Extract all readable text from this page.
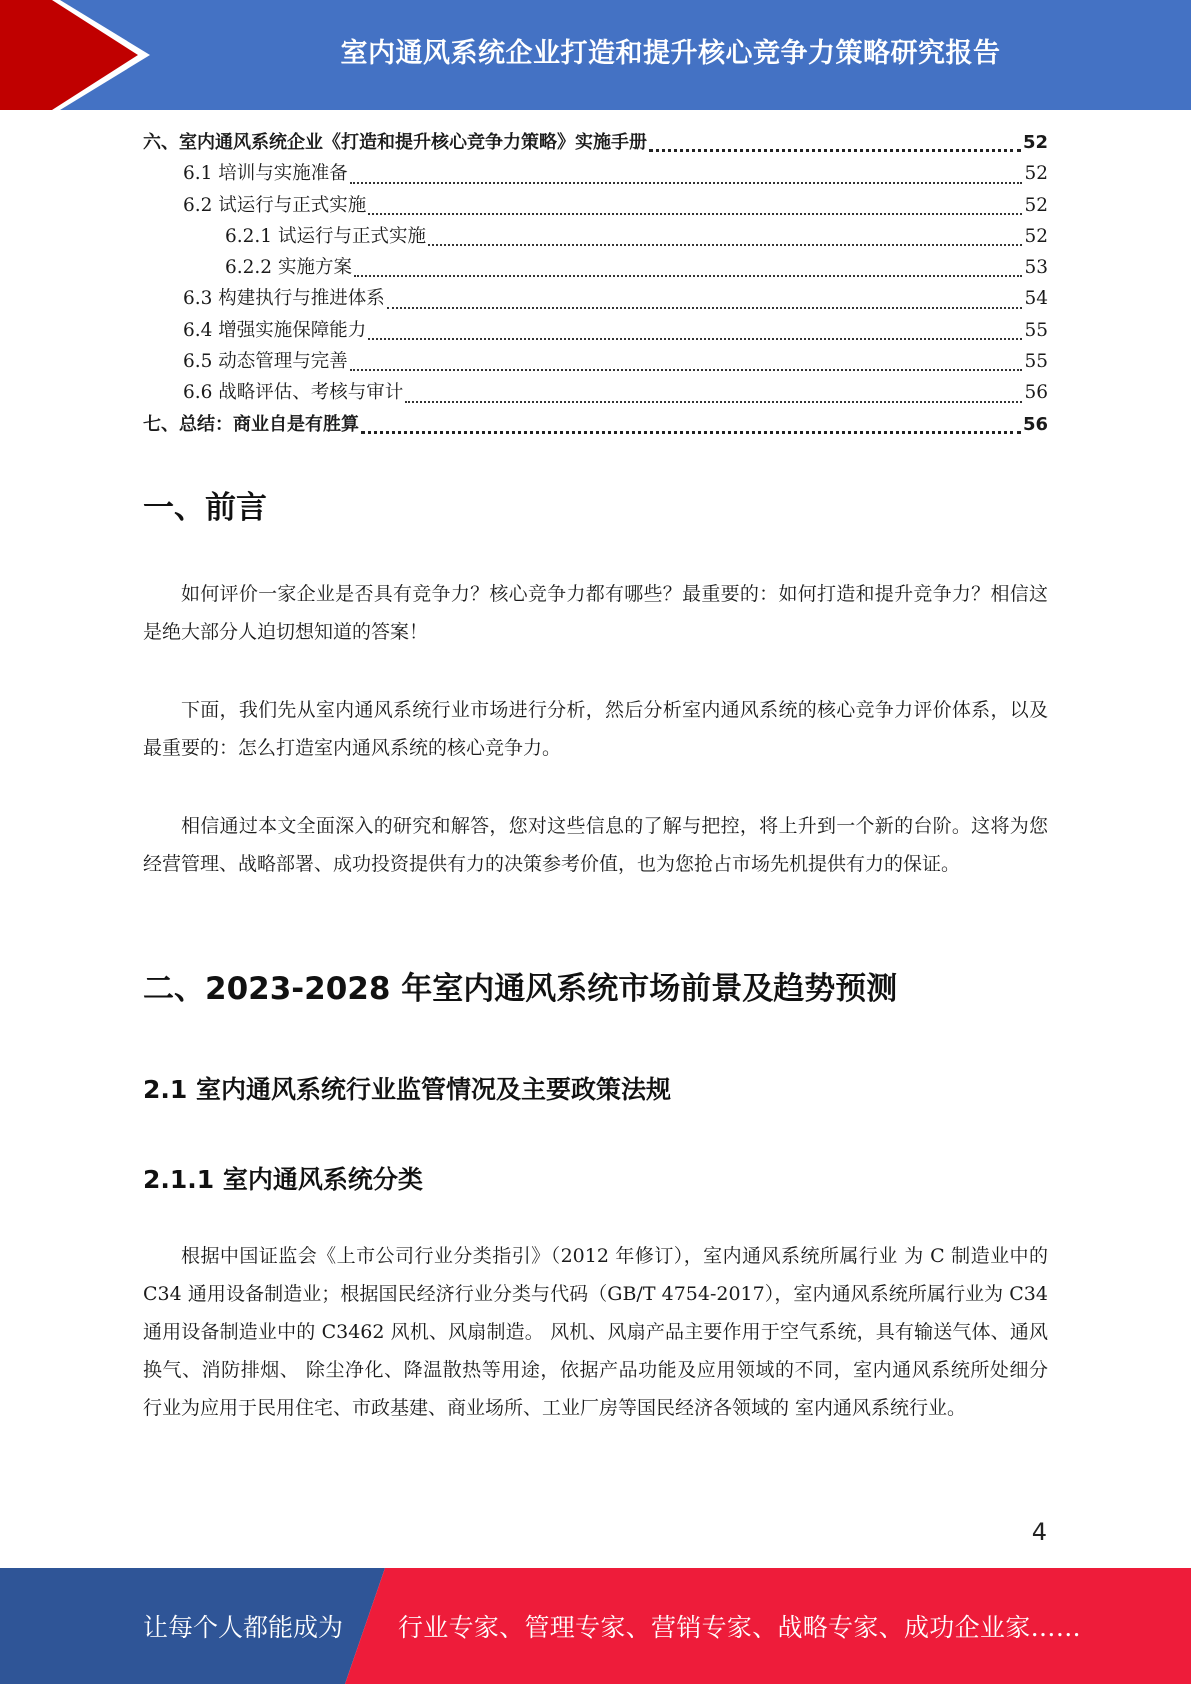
室内通风系统企业打造和提升核心竞争力策略研究报告
六、室内通风系统企业《打造和提升核心竞争力策略》实施手册	52
6.1 培训与实施准备	52
6.2 试运行与正式实施	52
6.2.1 试运行与正式实施	52
6.2.2 实施方案	53
6.3 构建执行与推进体系	54
6.4 增强实施保障能力	55
6.5 动态管理与完善	55
6.6 战略评估、考核与审计	56
七、总结：商业自是有胜算	56
一、前言

如何评价一家企业是否具有竞争力？核心竞争力都有哪些？最重要的：如何打造和提升竞争力？相信这是绝大部分人迫切想知道的答案！

下面，我们先从室内通风系统行业市场进行分析，然后分析室内通风系统的核心竞争力评价体系，以及最重要的：怎么打造室内通风系统的核心竞争力。

相信通过本文全面深入的研究和解答，您对这些信息的了解与把控，将上升到一个新的台阶。这将为您经营管理、战略部署、成功投资提供有力的决策参考价值，也为您抢占市场先机提供有力的保证。

二、2023-2028 年室内通风系统市场前景及趋势预测
2.1 室内通风系统行业监管情况及主要政策法规
2.1.1 室内通风系统分类

根据中国证监会《上市公司行业分类指引》（2012 年修订），室内通风系统所属行业 为 C 制造业中的 C34 通用设备制造业；根据国民经济行业分类与代码（GB/T 4754-2017），室内通风系统所属行业为 C34 通用设备制造业中的 C3462 风机、风扇制造。 风机、风扇产品主要作用于空气系统，具有输送气体、通风换气、消防排烟、 除尘净化、降温散热等用途，依据产品功能及应用领域的不同，室内通风系统所处细分 行业为应用于民用住宅、市政基建、商业场所、工业厂房等国民经济各领域的 室内通风系统行业。

4
让每个人都能成为 行业专家、管理专家、营销专家、战略专家、成功企业家……
